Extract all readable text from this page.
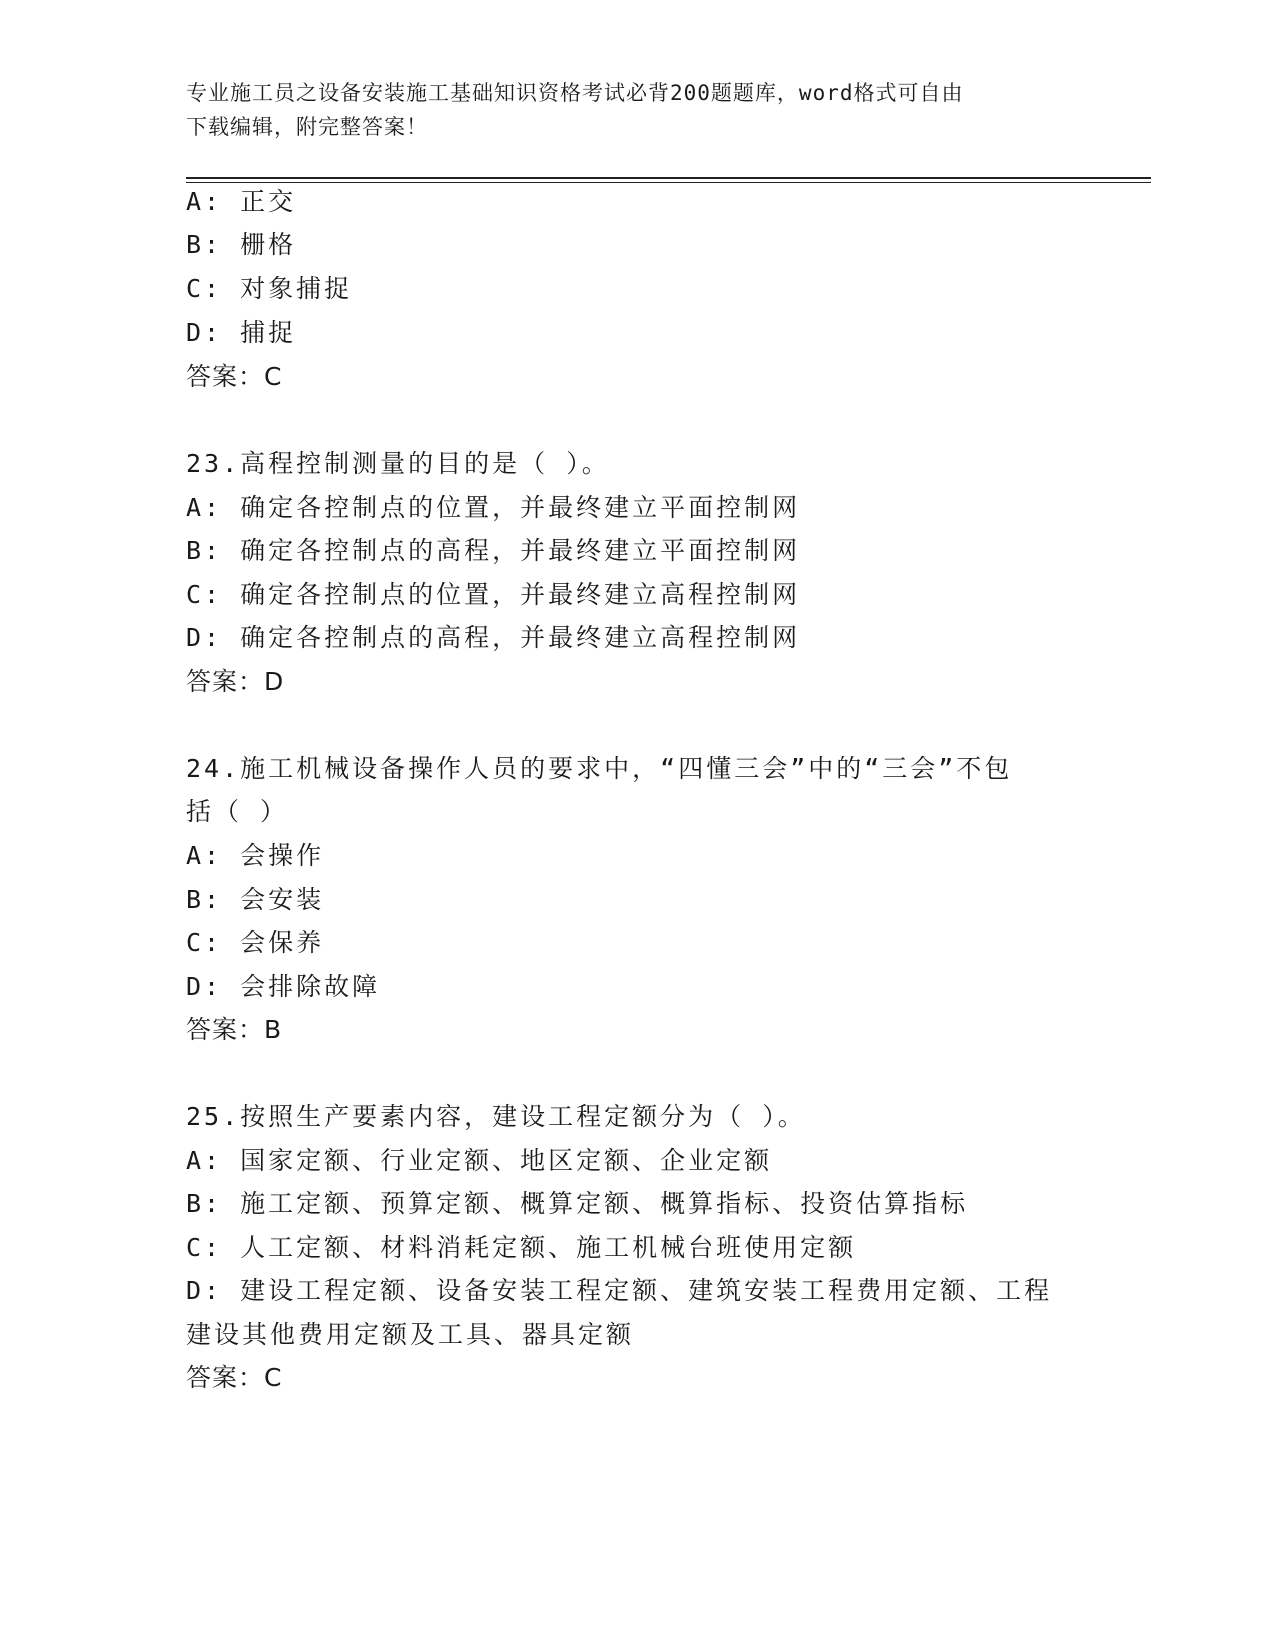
专业施工员之设备安装施工基础知识资格考试必背200题题库，word格式可自由
下载编辑，附完整答案！
A: 正交
B: 栅格
C: 对象捕捉
D: 捕捉
答案：C
23.高程控制测量的目的是（ ）。
A: 确定各控制点的位置，并最终建立平面控制网
B: 确定各控制点的高程，并最终建立平面控制网
C: 确定各控制点的位置，并最终建立高程控制网
D: 确定各控制点的高程，并最终建立高程控制网
答案：D
24.施工机械设备操作人员的要求中，“四懂三会”中的“三会”不包
括（ ）
A: 会操作
B: 会安装
C: 会保养
D: 会排除故障
答案：B
25.按照生产要素内容，建设工程定额分为（ ）。
A: 国家定额、行业定额、地区定额、企业定额
B: 施工定额、预算定额、概算定额、概算指标、投资估算指标
C: 人工定额、材料消耗定额、施工机械台班使用定额
D: 建设工程定额、设备安装工程定额、建筑安装工程费用定额、工程
建设其他费用定额及工具、器具定额
答案：C
